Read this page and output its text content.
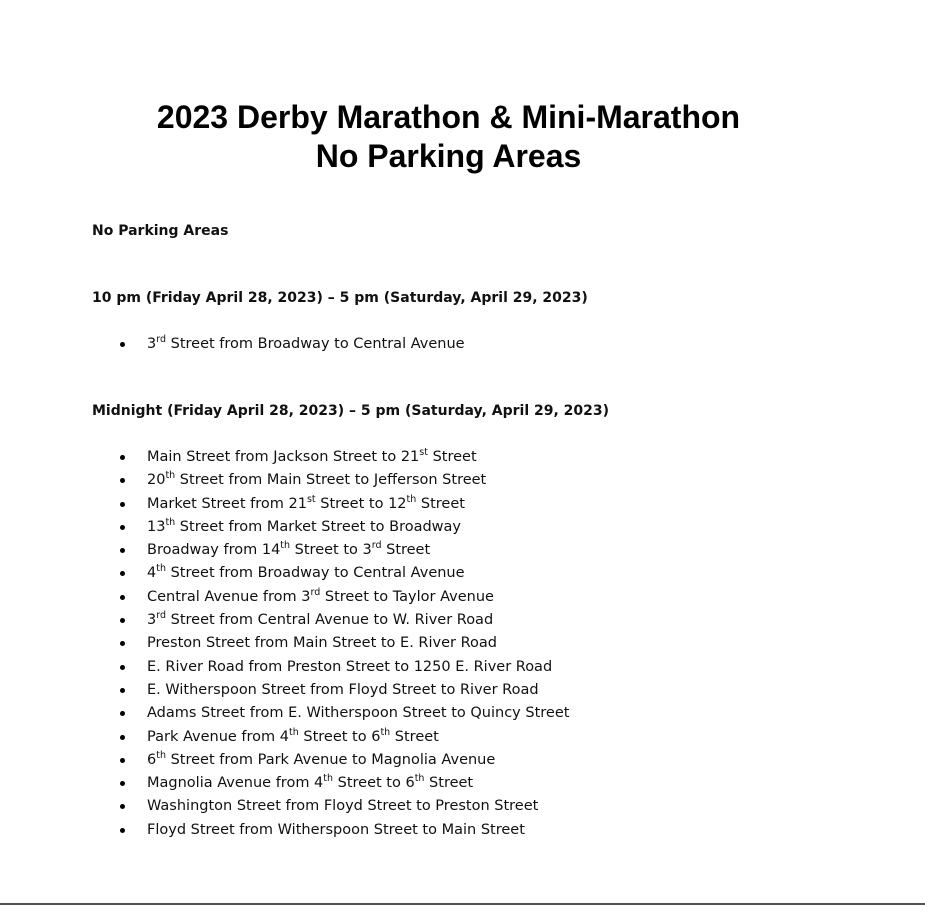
2023 Derby Marathon & Mini-Marathon
No Parking Areas

No Parking Areas

10 pm (Friday April 28, 2023) – 5 pm (Saturday, April 29, 2023)

3rd Street from Broadway to Central Avenue

Midnight (Friday April 28, 2023) – 5 pm (Saturday, April 29, 2023)

Main Street from Jackson Street to 21st Street
20th Street from Main Street to Jefferson Street
Market Street from 21st Street to 12th Street
13th Street from Market Street to Broadway
Broadway from 14th Street to 3rd Street
4th Street from Broadway to Central Avenue
Central Avenue from 3rd Street to Taylor Avenue
3rd Street from Central Avenue to W. River Road
Preston Street from Main Street to E. River Road
E. River Road from Preston Street to 1250 E. River Road
E. Witherspoon Street from Floyd Street to River Road
Adams Street from E. Witherspoon Street to Quincy Street
Park Avenue from 4th Street to 6th Street
6th Street from Park Avenue to Magnolia Avenue
Magnolia Avenue from 4th Street to 6th Street
Washington Street from Floyd Street to Preston Street
Floyd Street from Witherspoon Street to Main Street
